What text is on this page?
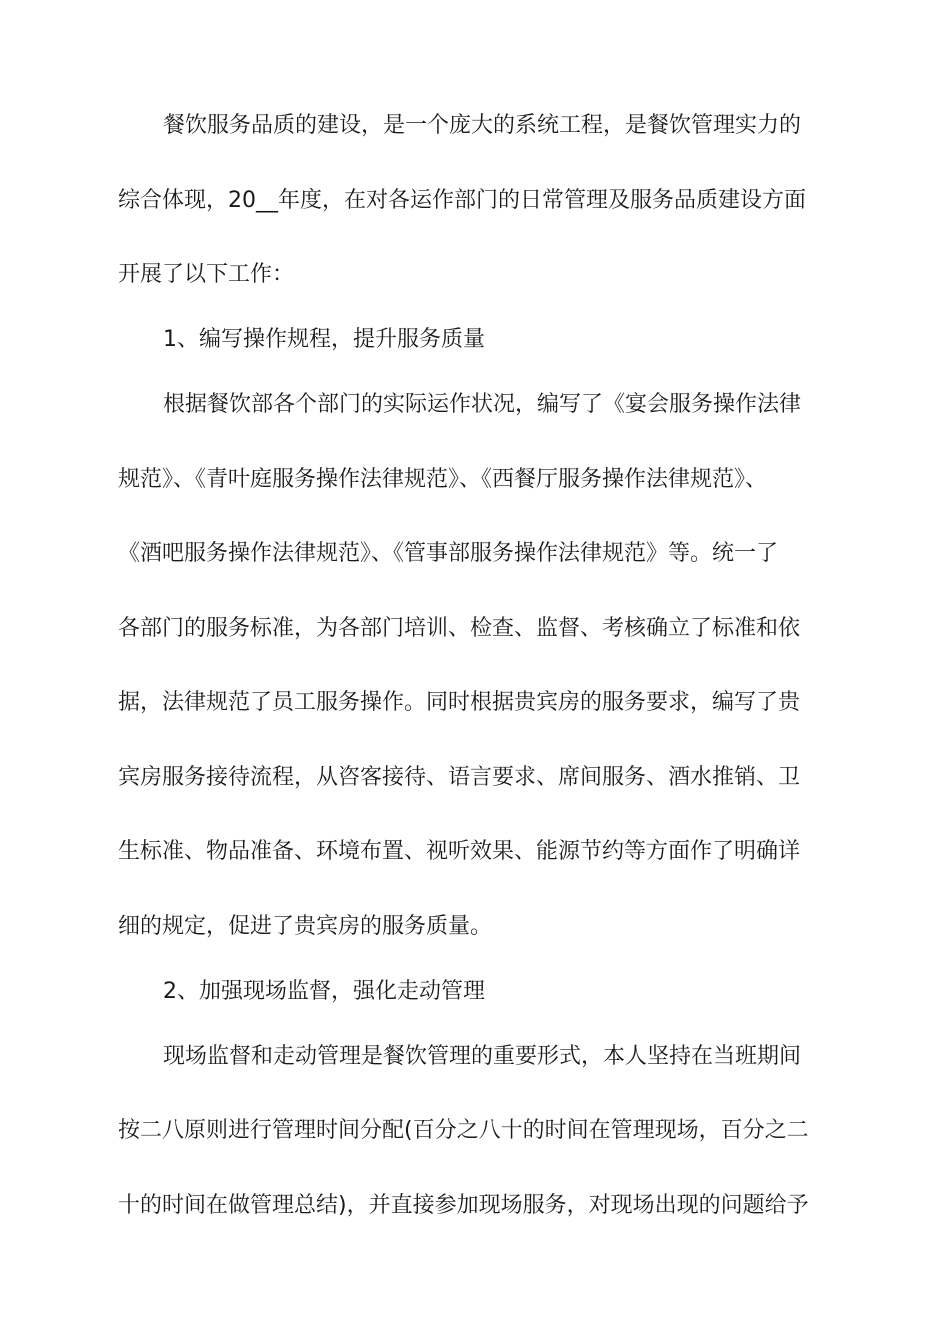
餐饮服务品质的建设，是一个庞大的系统工程，是餐饮管理实力的
综合体现，20__年度，在对各运作部门的日常管理及服务品质建设方面
开展了以下工作：
1、编写操作规程，提升服务质量
根据餐饮部各个部门的实际运作状况，编写了《宴会服务操作法律
规范》、《青叶庭服务操作法律规范》、《西餐厅服务操作法律规范》、
《酒吧服务操作法律规范》、《管事部服务操作法律规范》等。统一了
各部门的服务标准，为各部门培训、检查、监督、考核确立了标准和依
据，法律规范了员工服务操作。同时根据贵宾房的服务要求，编写了贵
宾房服务接待流程，从咨客接待、语言要求、席间服务、酒水推销、卫
生标准、物品准备、环境布置、视听效果、能源节约等方面作了明确详
细的规定，促进了贵宾房的服务质量。
2、加强现场监督，强化走动管理
现场监督和走动管理是餐饮管理的重要形式，本人坚持在当班期间
按二八原则进行管理时间分配(百分之八十的时间在管理现场，百分之二
十的时间在做管理总结)，并直接参加现场服务，对现场出现的问题给予
